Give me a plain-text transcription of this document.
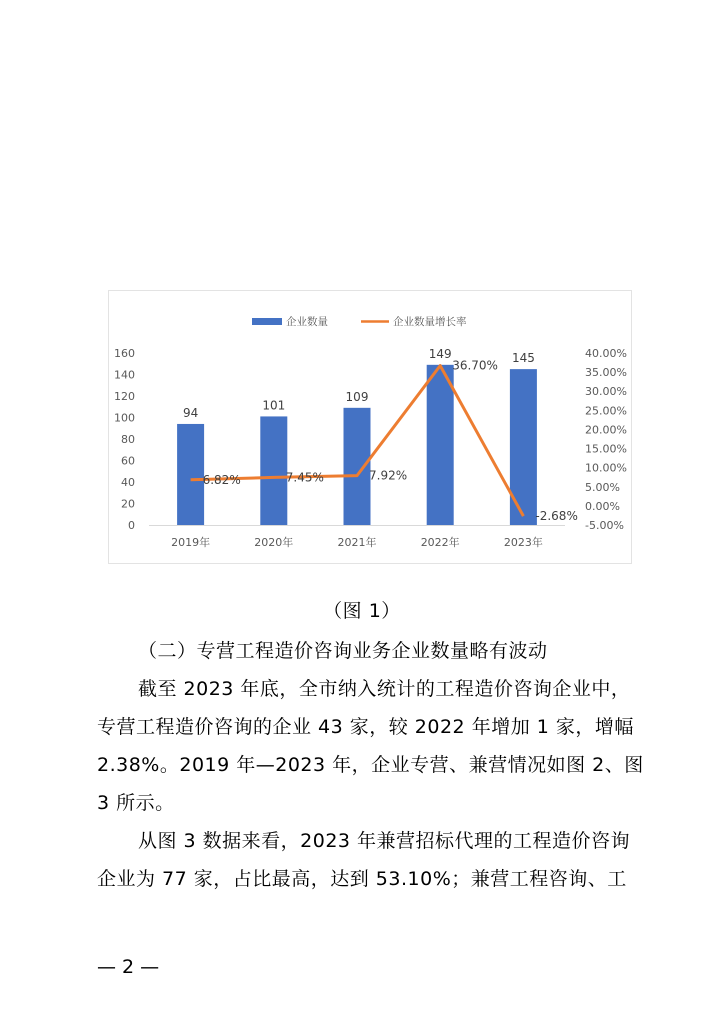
企业数量	企业数量增长率
0
20
40
60
80
100
120
140
160
-5.00%
0.00%
5.00%
10.00%
15.00%
20.00%
25.00%
30.00%
35.00%
40.00%
94
101
109
149	145
2019年	2020年	2021年	2022年	2023年
6.82%	7.45%	7.92%
36.70%
-2.68%
（图 1）

（二）专营工程造价咨询业务企业数量略有波动

截至 2023 年底，全市纳入统计的工程造价咨询企业中，

专营工程造价咨询的企业 43 家，较 2022 年增加 1 家，增幅

2.38%。2019 年—2023 年，企业专营、兼营情况如图 2、图

3 所示。

从图 3 数据来看，2023 年兼营招标代理的工程造价咨询

企业为 77 家，占比最高，达到 53.10%；兼营工程咨询、工

— 2 —
